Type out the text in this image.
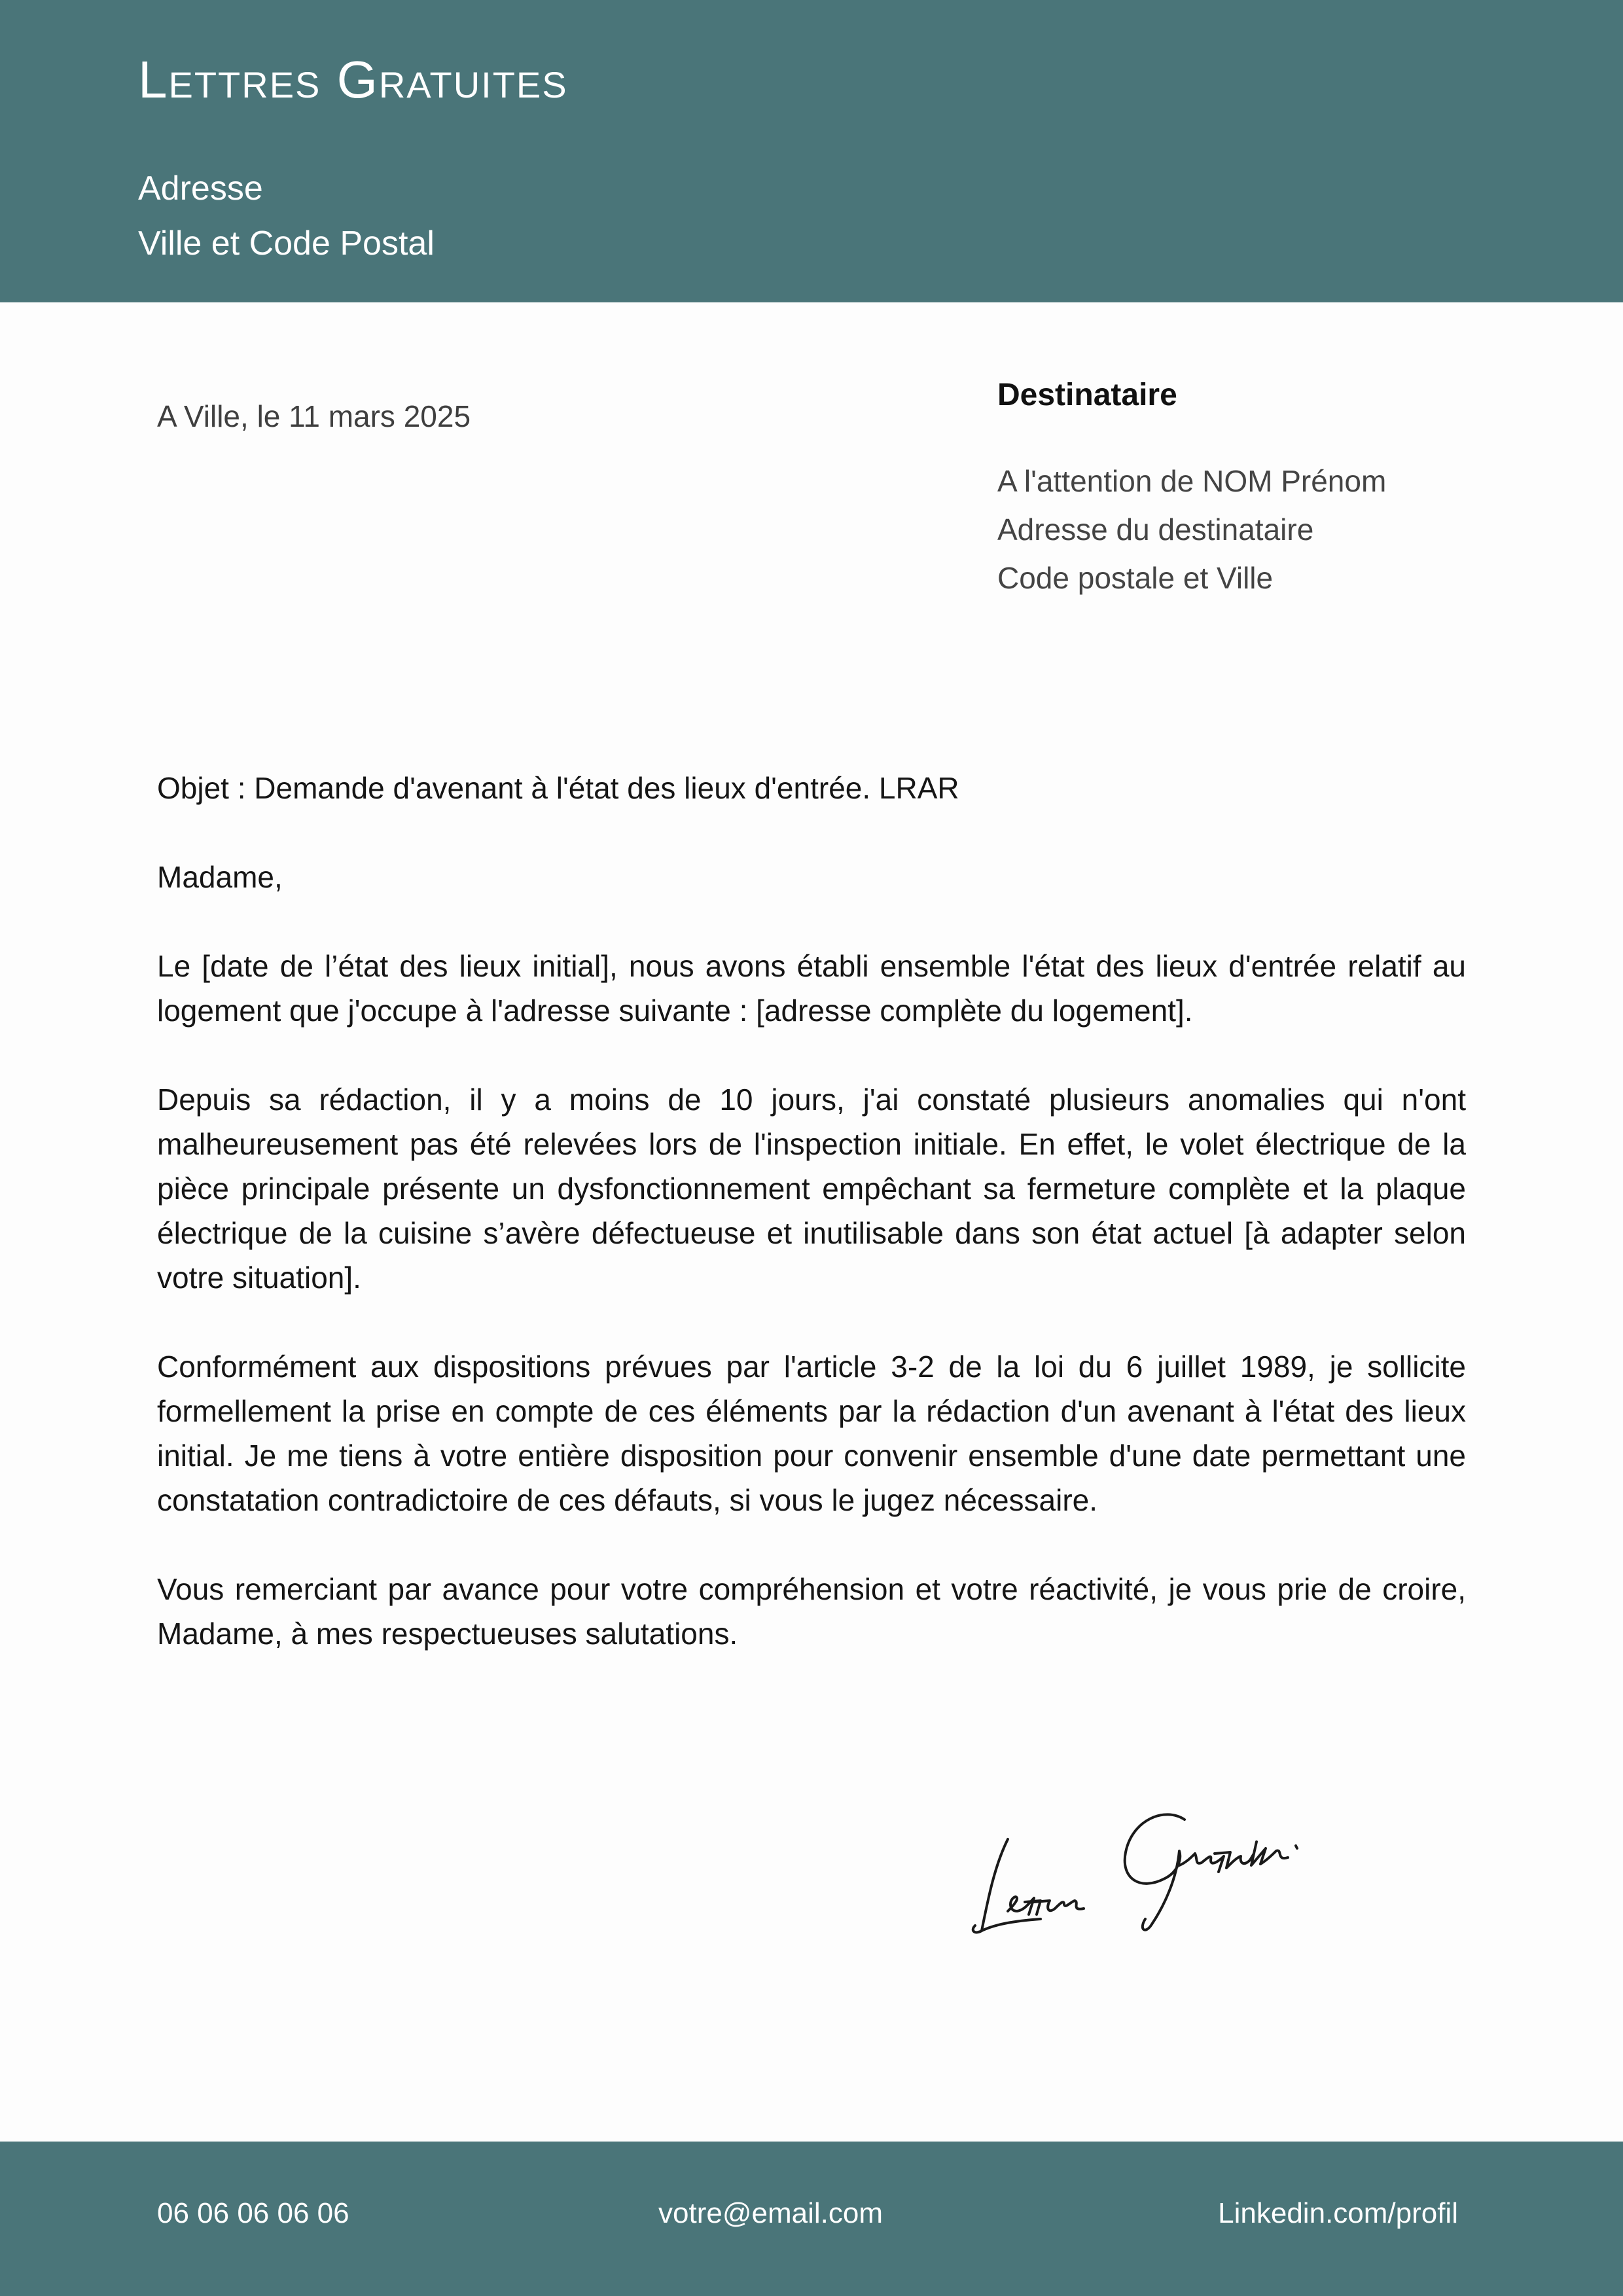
Lettres Gratuites
Adresse
Ville et Code Postal
A Ville, le 11 mars 2025
Destinataire
A l'attention de NOM Prénom
Adresse du destinataire
Code postale et Ville

Objet : Demande d'avenant à l'état des lieux d'entrée. LRAR

Madame,

Le [date de l’état des lieux initial], nous avons établi ensemble l'état des lieux d'entrée relatif au logement que j'occupe à l'adresse suivante : [adresse complète du logement].

Depuis sa rédaction, il y a moins de 10 jours, j'ai constaté plusieurs anomalies qui n'ont malheureusement pas été relevées lors de l'inspection initiale. En effet, le volet électrique de la pièce principale présente un dysfonctionnement empêchant sa fermeture complète et la plaque électrique de la cuisine s’avère défectueuse et inutilisable dans son état actuel [à adapter selon votre situation].

Conformément aux dispositions prévues par l'article 3-2 de la loi du 6 juillet 1989, je sollicite formellement la prise en compte de ces éléments par la rédaction d'un avenant à l'état des lieux initial. Je me tiens à votre entière disposition pour convenir ensemble d'une date permettant une constatation contradictoire de ces défauts, si vous le jugez nécessaire.

Vous remerciant par avance pour votre compréhension et votre réactivité, je vous prie de croire, Madame, à mes respectueuses salutations.

06 06 06 06 06	votre@email.com	Linkedin.com/profil
